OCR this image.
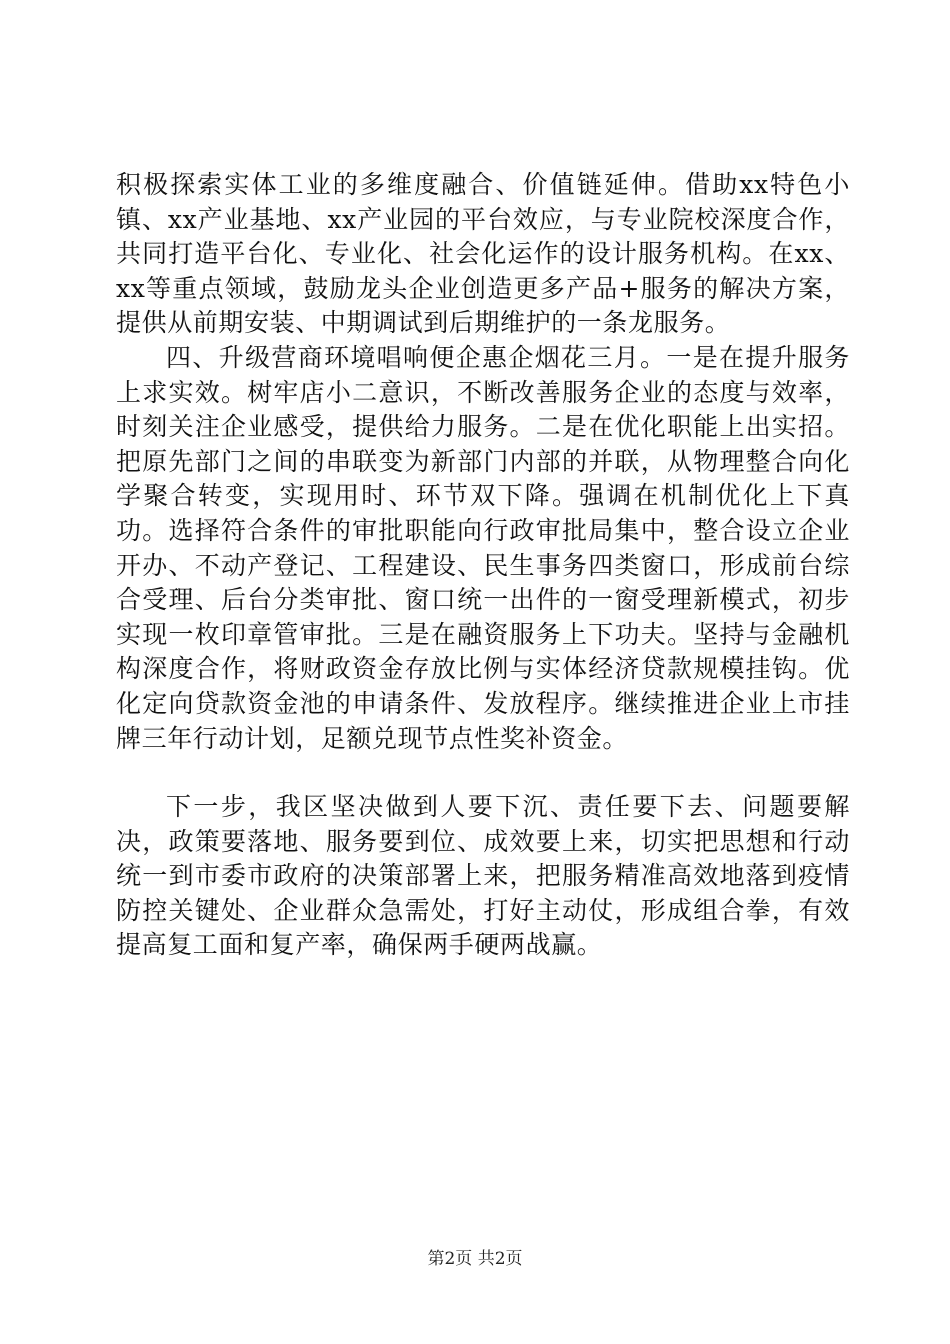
积极探索实体工业的多维度融合、价值链延伸。借助xx特色小镇、xx产业基地、xx产业园的平台效应，与专业院校深度合作，共同打造平台化、专业化、社会化运作的设计服务机构。在xx、xx等重点领域，鼓励龙头企业创造更多产品+服务的解决方案，提供从前期安装、中期调试到后期维护的一条龙服务。

四、升级营商环境唱响便企惠企烟花三月。一是在提升服务上求实效。树牢店小二意识，不断改善服务企业的态度与效率，时刻关注企业感受，提供给力服务。二是在优化职能上出实招。把原先部门之间的串联变为新部门内部的并联，从物理整合向化学聚合转变，实现用时、环节双下降。强调在机制优化上下真功。选择符合条件的审批职能向行政审批局集中，整合设立企业开办、不动产登记、工程建设、民生事务四类窗口，形成前台综合受理、后台分类审批、窗口统一出件的一窗受理新模式，初步实现一枚印章管审批。三是在融资服务上下功夫。坚持与金融机构深度合作，将财政资金存放比例与实体经济贷款规模挂钩。优化定向贷款资金池的申请条件、发放程序。继续推进企业上市挂牌三年行动计划，足额兑现节点性奖补资金。

下一步，我区坚决做到人要下沉、责任要下去、问题要解决，政策要落地、服务要到位、成效要上来，切实把思想和行动统一到市委市政府的决策部署上来，把服务精准高效地落到疫情防控关键处、企业群众急需处，打好主动仗，形成组合拳，有效提高复工面和复产率，确保两手硬两战赢。

第2页 共2页
